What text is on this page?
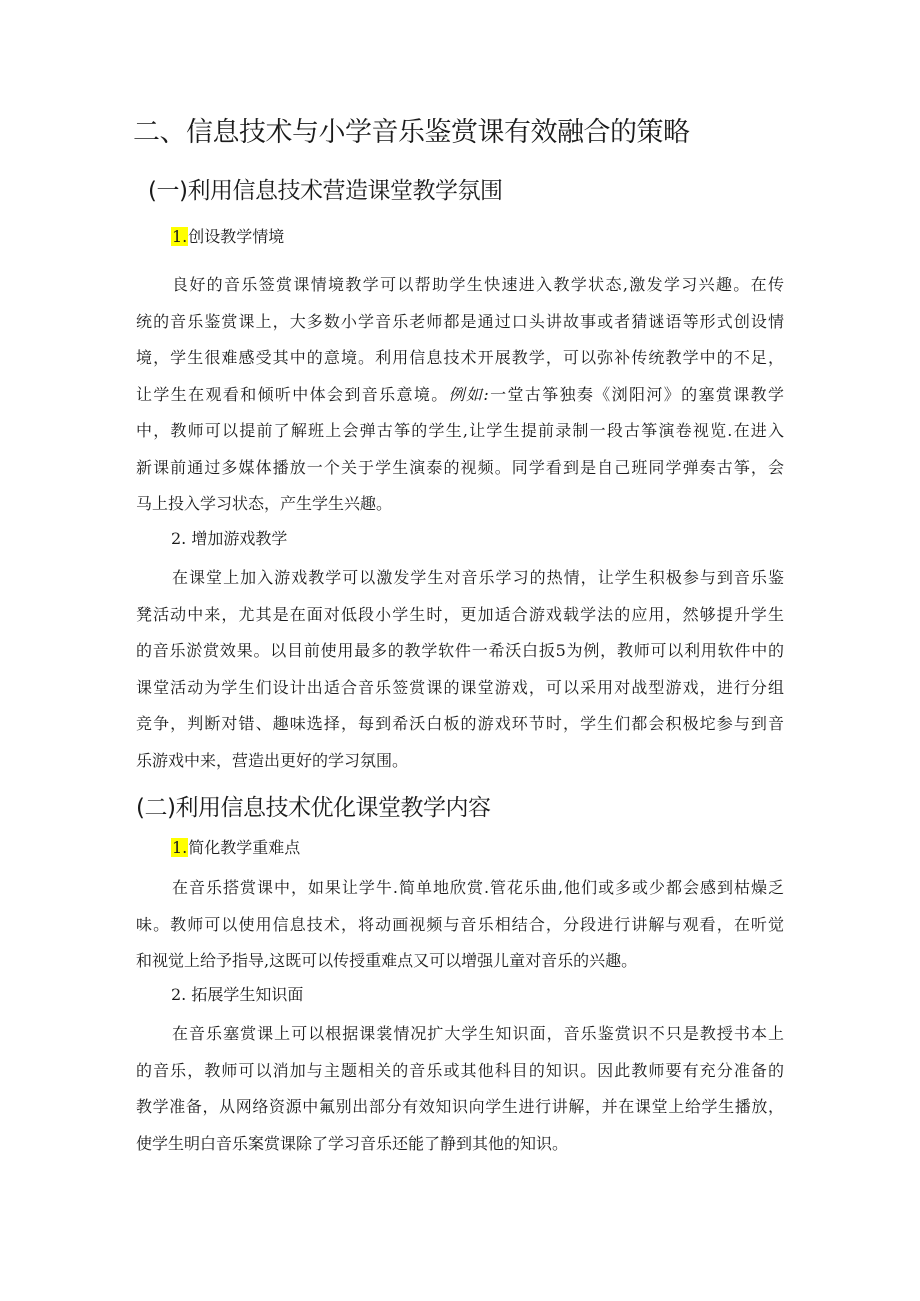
二、信息技术与小学音乐鉴赏课有效融合的策略
(一)利用信息技术营造课堂教学氛围
1.创设教学情境
良好的音乐签赏课情境教学可以帮助学生快速进入教学状态,激发学习兴趣。在传
统的音乐鉴赏课上，大多数小学音乐老师都是通过口头讲故事或者猜谜语等形式创设情
境，学生很难感受其中的意境。利用信息技术开展教学，可以弥补传统教学中的不足，
让学生在观看和倾听中体会到音乐意境。例如:一堂古筝独奏《浏阳河》的塞赏课教学
中，教师可以提前了解班上会弹古筝的学生,让学生提前录制一段古筝演卷视览.在进入
新课前通过多媒体播放一个关于学生演泰的视频。同学看到是自己班同学弹奏古筝，会
马上投入学习状态，产生学生兴趣。
2. 增加游戏教学
在课堂上加入游戏教学可以激发学生对音乐学习的热情，让学生积极参与到音乐鉴
凳活动中来，尤其是在面对低段小学生时，更加适合游戏载学法的应用，然够提升学生
的音乐淤赏效果。以目前使用最多的教学软件一希沃白扳5为例，教师可以利用软件中的
课堂活动为学生们设计出适合音乐签赏课的课堂游戏，可以采用对战型游戏，进行分组
竞争，判断对错、趣味选择，每到希沃白板的游戏环节时，学生们都会积极坨参与到音
乐游戏中来，营造出更好的学习氛围。
(二)利用信息技术优化课堂教学内容
1.简化教学重难点
在音乐搭赏课中，如果让学牛.简单地欣赏.管花乐曲,他们或多或少都会感到枯燥乏
味。教师可以使用信息技术，将动画视频与音乐相结合，分段进行讲解与观看，在听觉
和视觉上给予指导,这既可以传授重难点又可以增强儿童对音乐的兴趣。
2. 拓展学生知识面
在音乐塞赏课上可以根据课裳情况扩大学生知识面，音乐鉴赏识不只是教授书本上
的音乐，教师可以消加与主题相关的音乐或其他科目的知识。因此教师要有充分准备的
教学准备，从网络资源中氟别出部分有效知识向学生进行讲解，并在课堂上给学生播放，
使学生明白音乐案赏课除了学习音乐还能了静到其他的知识。
